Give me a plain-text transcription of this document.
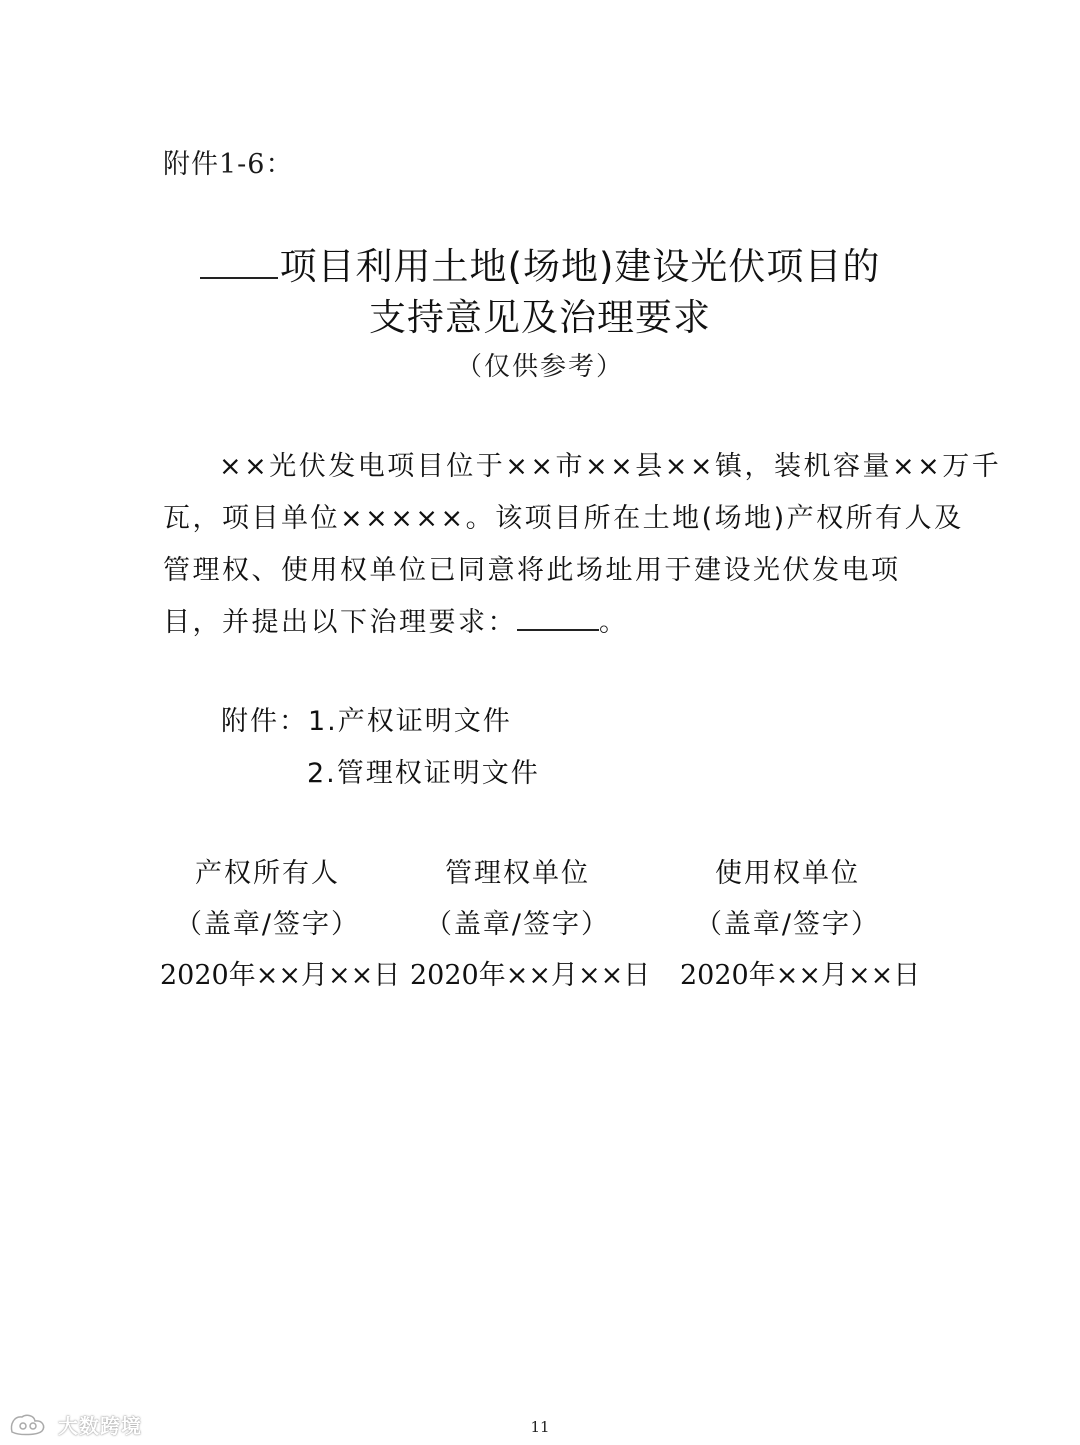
附件1-6：
项目利用土地(场地)建设光伏项目的
支持意见及治理要求
（仅供参考）
××光伏发电项目位于××市××县××镇，装机容量××万千
瓦，项目单位×××××。该项目所在土地(场地)产权所有人及
管理权、使用权单位已同意将此场址用于建设光伏发电项
目，并提出以下治理要求：	。
附件：1.产权证明文件
2.管理权证明文件
产权所有人
（盖章/签字）
2020年××月××日
管理权单位
（盖章/签字）
2020年××月××日
使用权单位
（盖章/签字）
2020年××月××日
11
大数跨境
